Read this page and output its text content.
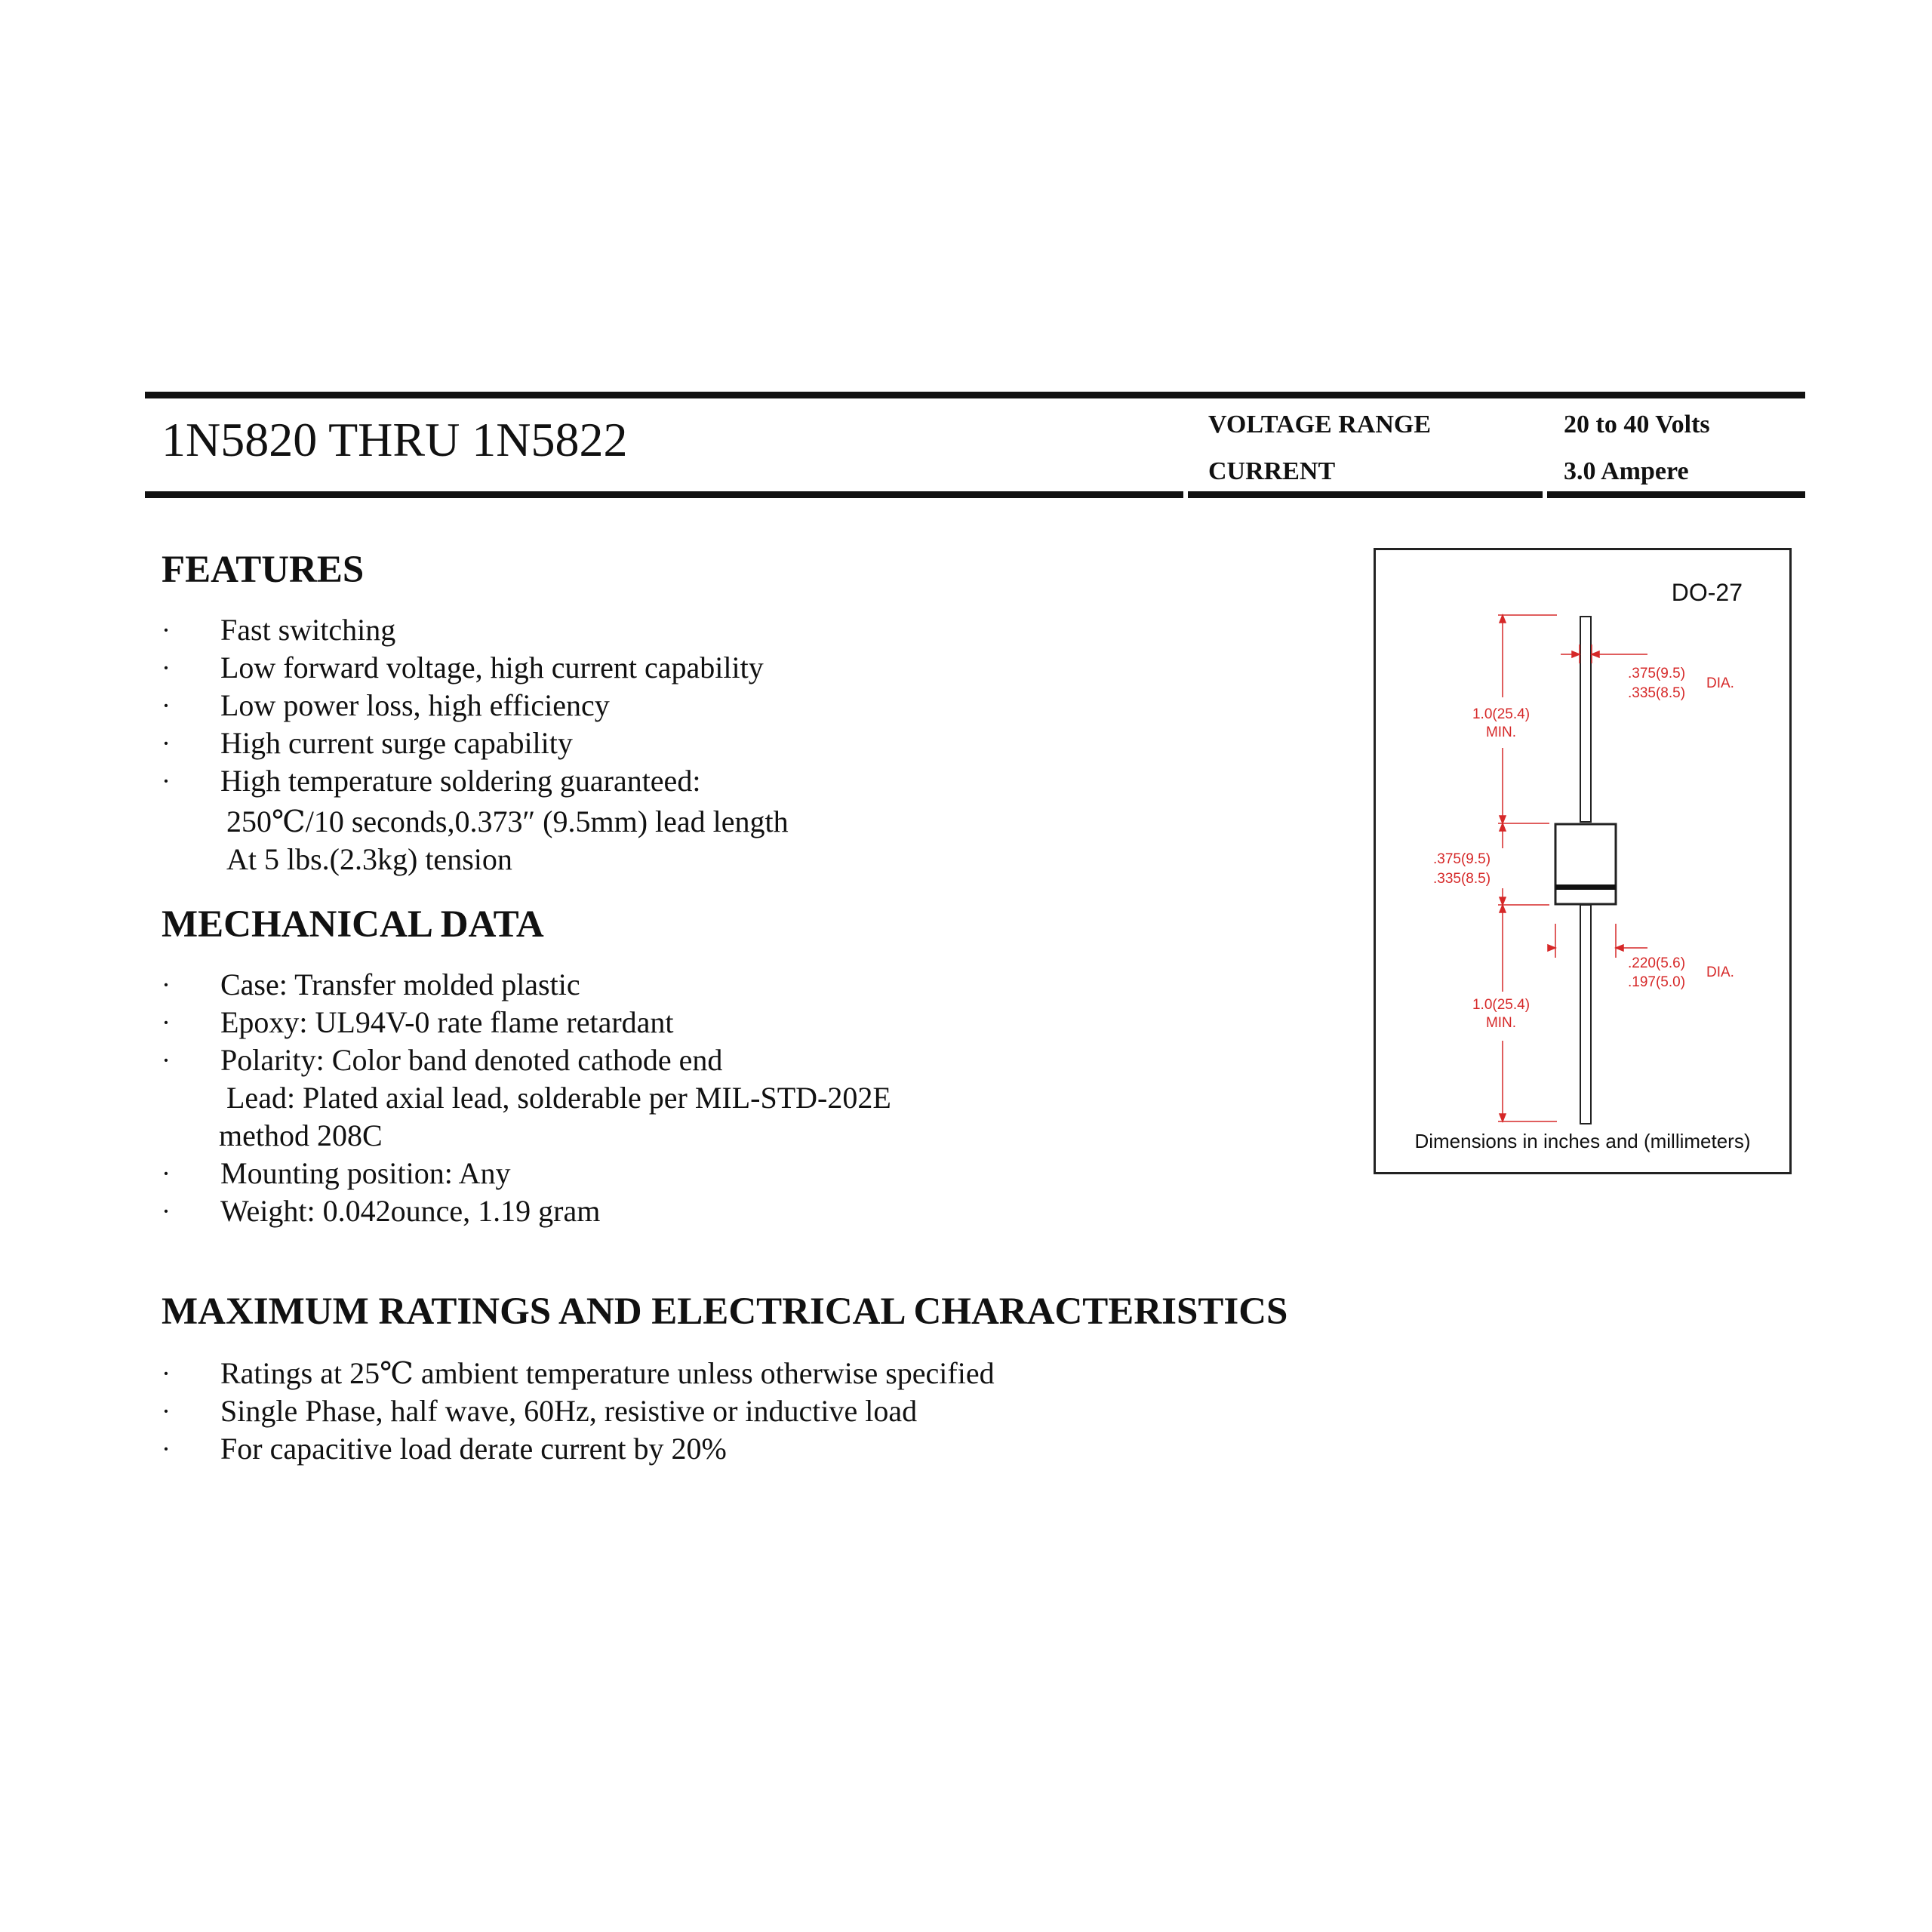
1N5820 THRU 1N5822	VOLTAGE RANGE	20 to 40 Volts
CURRENT	3.0 Ampere
FEATURES
· Fast switching
· Low forward voltage, high current capability
· Low power loss, high efficiency
· High current surge capability
· High temperature soldering guaranteed:
250℃/10 seconds,0.373″ (9.5mm) lead length
At 5 lbs.(2.3kg) tension
MECHANICAL DATA
· Case: Transfer molded plastic
· Epoxy: UL94V-0 rate flame retardant
· Polarity: Color band denoted cathode end
Lead: Plated axial lead, solderable per MIL-STD-202E
method 208C
· Mounting position: Any
· Weight: 0.042ounce, 1.19 gram
MAXIMUM RATINGS AND ELECTRICAL CHARACTERISTICS
· Ratings at 25℃ ambient temperature unless otherwise specified
· Single Phase, half wave, 60Hz, resistive or inductive load
· For capacitive load derate current by 20%
.375(9.5)
.335(8.5)
DIA.
1.0(25.4)
MIN.
.375(9.5)
.335(8.5)
.220(5.6)
.197(5.0)
DIA.
1.0(25.4)
MIN.
DO-27
Dimensions in inches and (millimeters)
